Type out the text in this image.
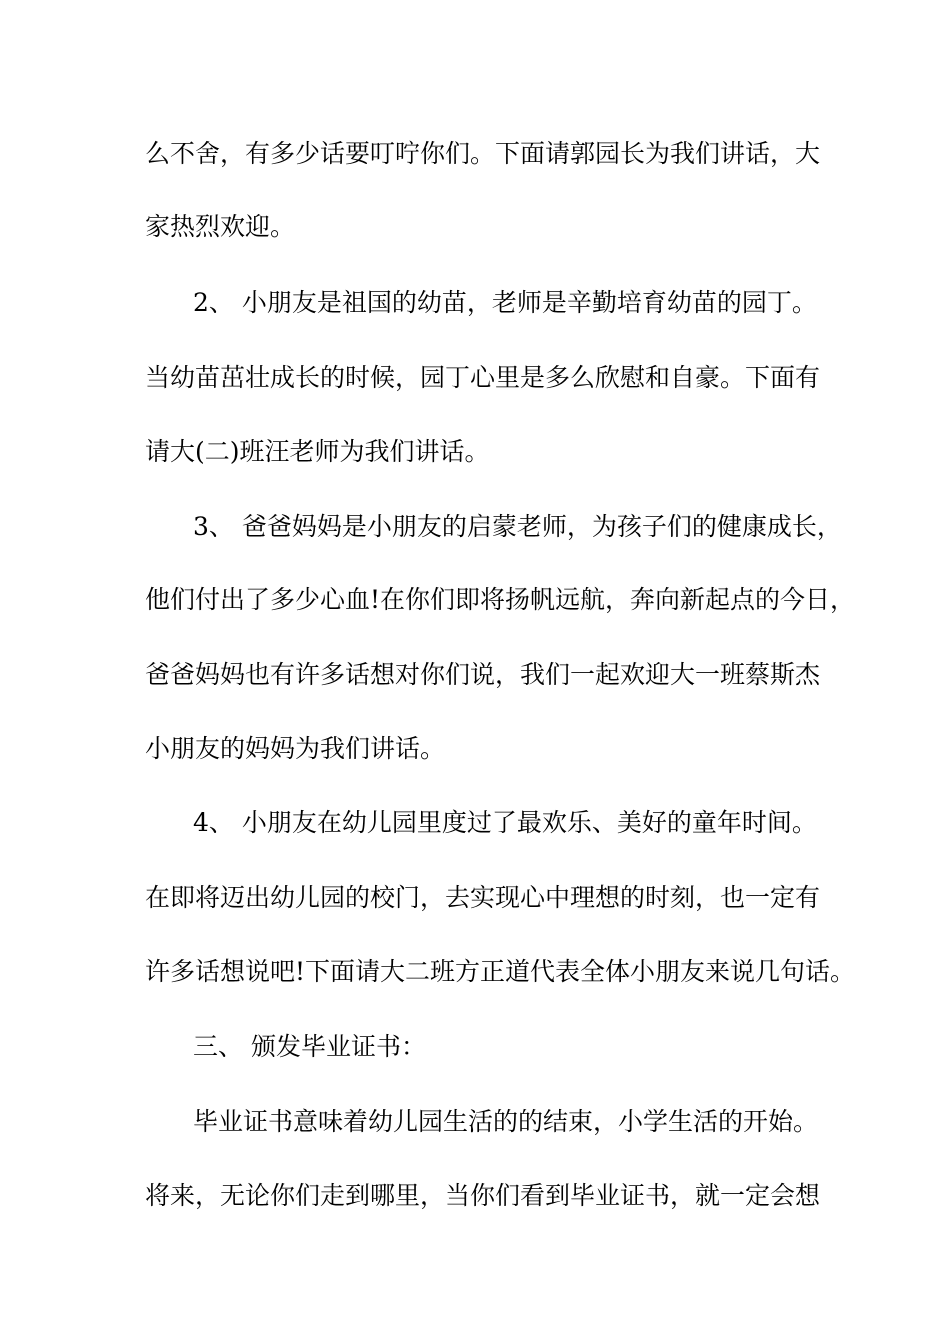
么不舍，有多少话要叮咛你们。下面请郭园长为我们讲话，大

家热烈欢迎。

2、 小朋友是祖国的幼苗，老师是辛勤培育幼苗的园丁。

当幼苗茁壮成长的时候，园丁心里是多么欣慰和自豪。下面有

请大(二)班汪老师为我们讲话。

3、 爸爸妈妈是小朋友的启蒙老师，为孩子们的健康成长，

他们付出了多少心血!在你们即将扬帆远航，奔向新起点的今日，

爸爸妈妈也有许多话想对你们说，我们一起欢迎大一班蔡斯杰

小朋友的妈妈为我们讲话。

4、 小朋友在幼儿园里度过了最欢乐、美好的童年时间。

在即将迈出幼儿园的校门，去实现心中理想的时刻，也一定有

许多话想说吧!下面请大二班方正道代表全体小朋友来说几句话。

三、 颁发毕业证书：

毕业证书意味着幼儿园生活的的结束，小学生活的开始。

将来，无论你们走到哪里，当你们看到毕业证书，就一定会想
